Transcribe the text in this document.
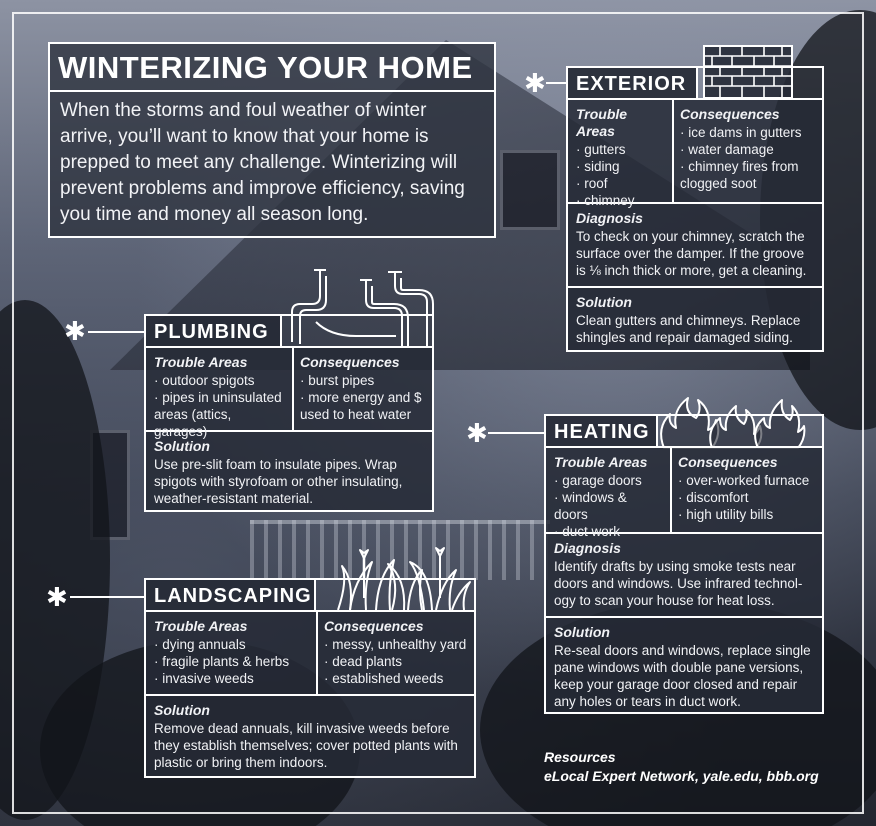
WINTERIZING YOUR HOME

When the storms and foul weather of winter arrive, you’ll want to know that your home is prepped to meet any challenge. Winterizing will prevent problems and improve efficiency, saving you time and money all season long.

✱	EXTERIOR
Trouble Areas
· gutters
· siding
· roof
· chimney
Consequences
· ice dams in gutters
· water damage
· chimney fires from clogged soot
Diagnosis
To check on your chimney, scratch the surface over the damper. If the groove is ⅛ inch thick or more, get a cleaning.
Solution
Clean gutters and chimneys. Replace shingles and repair damaged siding.
✱	PLUMBING
Trouble Areas
· outdoor spigots
· pipes in uninsulated areas (attics, garages)
Consequences
· burst pipes
· more energy and $ used to heat water
Solution
Use pre-slit foam to insulate pipes. Wrap spigots with styrofoam or other insulating, weather-resistant material.
✱	HEATING
Trouble Areas
· garage doors
· windows & doors
· duct work
Consequences
· over-worked furnace
· discomfort
· high utility bills
Diagnosis
Identify drafts by using smoke tests near doors and windows. Use infrared technol-ogy to scan your house for heat loss.
Solution
Re-seal doors and windows, replace single pane windows with double pane versions, keep your garage door closed and repair any holes or tears in duct work.
✱	LANDSCAPING
Trouble Areas
· dying annuals
· fragile plants & herbs
· invasive weeds
Consequences
· messy, unhealthy yard
· dead plants
· established weeds
Solution
Remove dead annuals, kill invasive weeds before they establish themselves; cover potted plants with plastic or bring them indoors.	Resources
eLocal Expert Network, yale.edu, bbb.org
